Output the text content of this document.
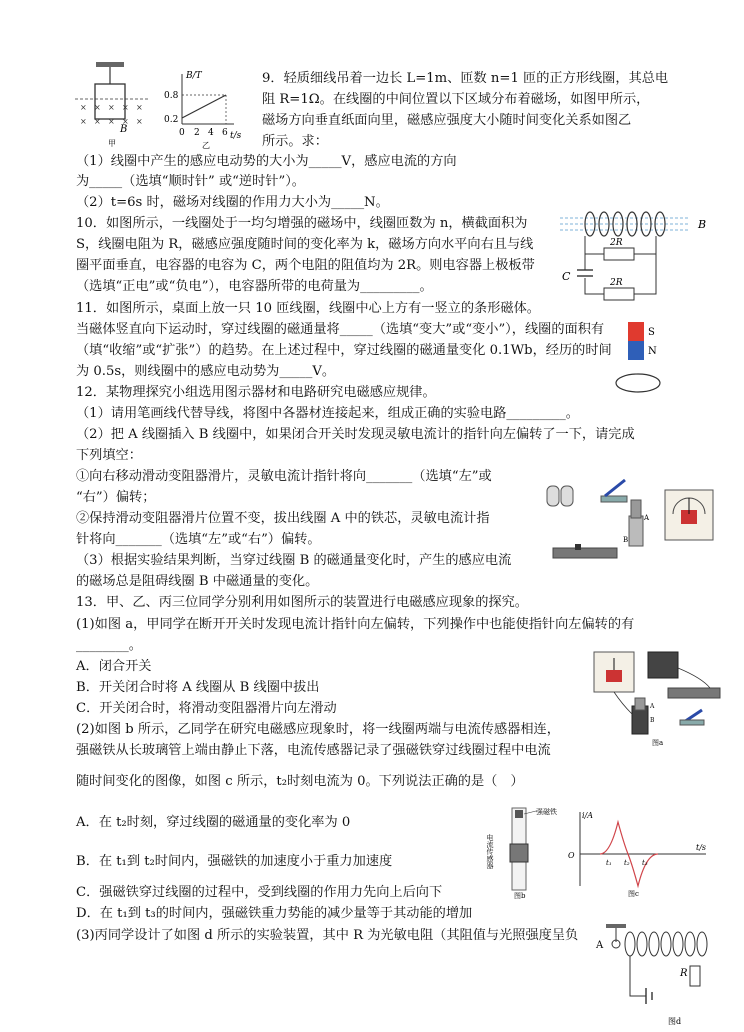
9．轻质细线吊着一边长 L=1m、匝数 n=1 匝的正方形线圈，其总电
阻 R=1Ω。在线圈的中间位置以下区域分布着磁场，如图甲所示，
磁场方向垂直纸面向里，磁感应强度大小随时间变化关系如图乙
所示。求：
（1）线圈中产生的感应电动势的大小为_____V，感应电流的方向
为_____（选填“顺时针” 或“逆时针”）。
（2）t=6s 时，磁场对线圈的作用力大小为_____N。
10．如图所示，一线圈处于一均匀增强的磁场中，线圈匝数为 n，横截面积为
S，线圈电阻为 R，磁感应强度随时间的变化率为 k，磁场方向水平向右且与线
圈平面垂直，电容器的电容为 C，两个电阻的阻值均为 2R。则电容器上极板带
（选填“正电”或“负电”），电容器所带的电荷量为_________。
11．如图所示，桌面上放一只 10 匝线圈，线圈中心上方有一竖立的条形磁体。
当磁体竖直向下运动时，穿过线圈的磁通量将_____（选填“变大”或“变小”），线圈的面积有
（填“收缩”或“扩张”）的趋势。在上述过程中，穿过线圈的磁通量变化 0.1Wb，经历的时间
为 0.5s，则线圈中的感应电动势为_____V。
12．某物理探究小组选用图示器材和电路研究电磁感应规律。
（1）请用笔画线代替导线，将图中各器材连接起来，组成正确的实验电路_________。
（2）把 A 线圈插入 B 线圈中，如果闭合开关时发现灵敏电流计的指针向左偏转了一下，请完成
下列填空：
①向右移动滑动变阻器滑片，灵敏电流计指针将向_______（选填“左”或
“右”）偏转；
②保持滑动变阻器滑片位置不变，拔出线圈 A 中的铁芯，灵敏电流计指
针将向_______（选填“左”或“右”）偏转。
（3）根据实验结果判断，当穿过线圈 B 的磁通量变化时，产生的感应电流
的磁场总是阻碍线圈 B 中磁通量的变化。
13．甲、乙、丙三位同学分别利用如图所示的装置进行电磁感应现象的探究。
(1)如图 a，甲同学在断开开关时发现电流计指针向左偏转，下列操作中也能使指针向左偏转的有
________。
A．闭合开关
B．开关闭合时将 A 线圈从 B 线圈中拔出
C．开关闭合时，将滑动变阻器滑片向左滑动
(2)如图 b 所示，乙同学在研究电磁感应现象时，将一线圈两端与电流传感器相连，
强磁铁从长玻璃管上端由静止下落，电流传感器记录了强磁铁穿过线圈过程中电流
随时间变化的图像，如图 c 所示，t₂时刻电流为 0。下列说法正确的是（　）
A．在 t₂时刻，穿过线圈的磁通量的变化率为 0
B．在 t₁到 t₂时间内，强磁铁的加速度小于重力加速度
C．强磁铁穿过线圈的过程中，受到线圈的作用力先向上后向下
D．在 t₁到 t₃的时间内，强磁铁重力势能的减少量等于其动能的增加
(3)丙同学设计了如图 d 所示的实验装置，其中 R 为光敏电阻（其阻值与光照强度呈负
× × × × ×
× × × × ×
B
甲
B/T
t/s
0.8
0.2
0 2 4 6
乙
B
2R
2R
C
S
N
A
B
A
B
图a
强磁铁
电流传感器
图b
i/A
t/s
O
t₁ t₂ t₃
图c
A
R
图d
